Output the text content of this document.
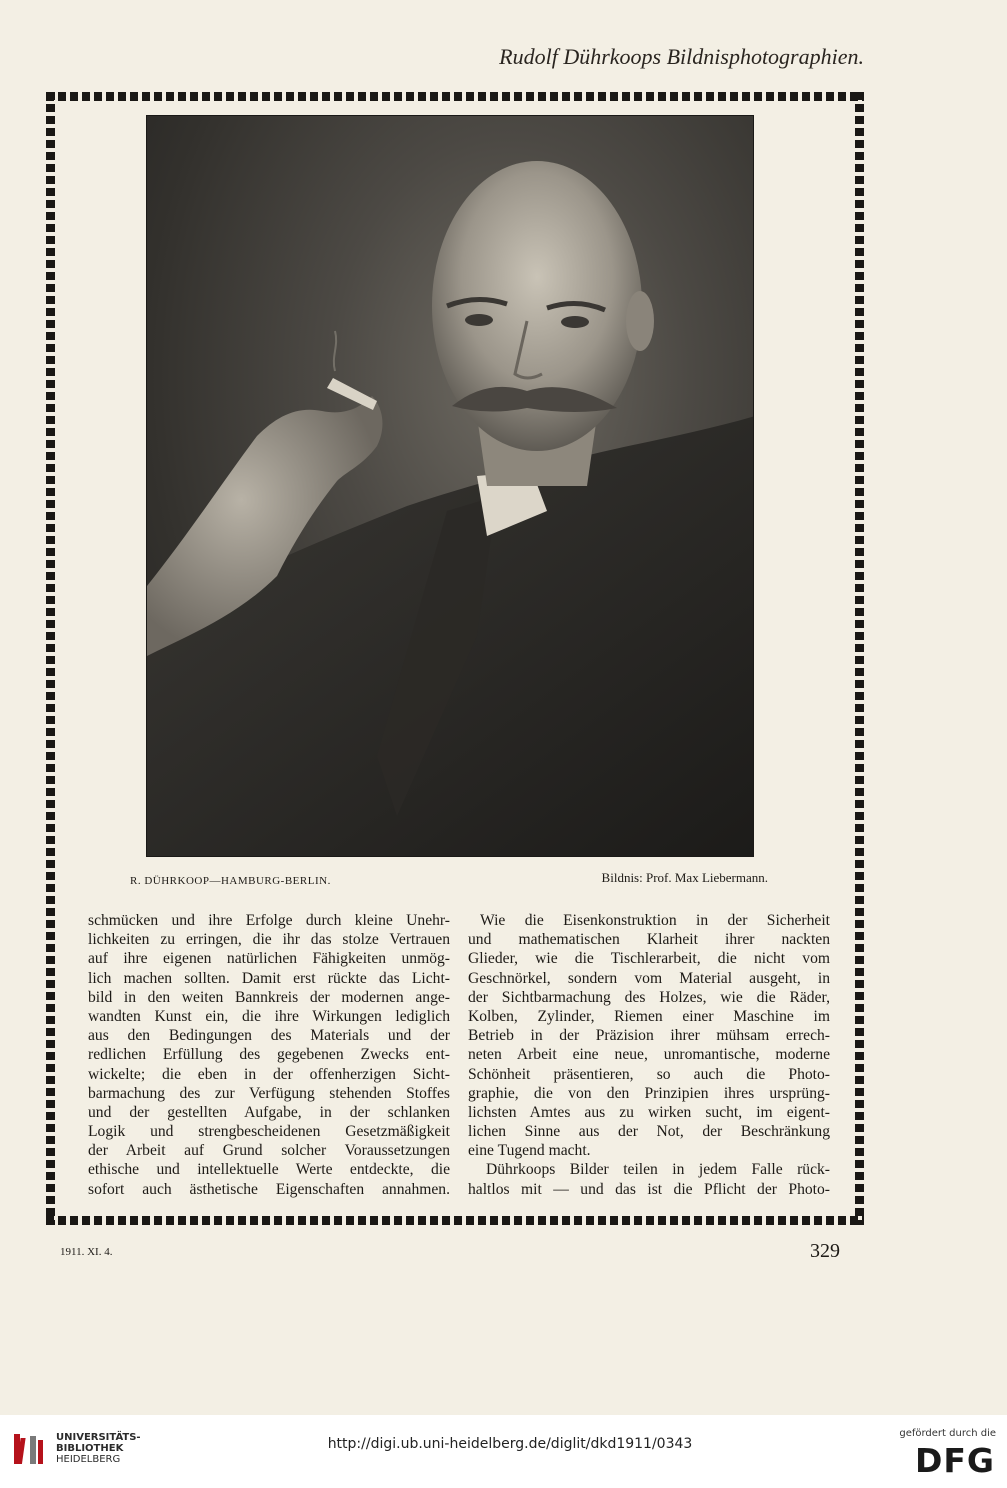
Rudolf Dührkoops Bildnisphotographien.
R. DÜHRKOOP—HAMBURG-BERLIN.	Bildnis: Prof. Max Liebermann.
schmücken und ihre Erfolge durch kleine Unehr-
lichkeiten zu erringen, die ihr das stolze Vertrauen
auf ihre eigenen natürlichen Fähigkeiten unmög-
lich machen sollten. Damit erst rückte das Licht-
bild in den weiten Bannkreis der modernen ange-
wandten Kunst ein, die ihre Wirkungen lediglich
aus den Bedingungen des Materials und der
redlichen Erfüllung des gegebenen Zwecks ent-
wickelte; die eben in der offenherzigen Sicht-
barmachung des zur Verfügung stehenden Stoffes
und der gestellten Aufgabe, in der schlanken
Logik und strengbescheidenen Gesetzmäßigkeit
der Arbeit auf Grund solcher Voraussetzungen
ethische und intellektuelle Werte entdeckte, die
sofort auch ästhetische Eigenschaften annahmen.
Wie die Eisenkonstruktion in der Sicherheit
und mathematischen Klarheit ihrer nackten
Glieder, wie die Tischlerarbeit, die nicht vom
Geschnörkel, sondern vom Material ausgeht, in
der Sichtbarmachung des Holzes, wie die Räder,
Kolben, Zylinder, Riemen einer Maschine im
Betrieb in der Präzision ihrer mühsam errech-
neten Arbeit eine neue, unromantische, moderne
Schönheit präsentieren, so auch die Photo-
graphie, die von den Prinzipien ihres ursprüng-
lichsten Amtes aus zu wirken sucht, im eigent-
lichen Sinne aus der Not, der Beschränkung
eine Tugend macht.
Dührkoops Bilder teilen in jedem Falle rück-
haltlos mit — und das ist die Pflicht der Photo-
1911. XI. 4.	329
UNIVERSITÄTS-
BIBLIOTHEK
HEIDELBERG
http://digi.ub.uni-heidelberg.de/diglit/dkd1911/0343
gefördert durch die
DFG
